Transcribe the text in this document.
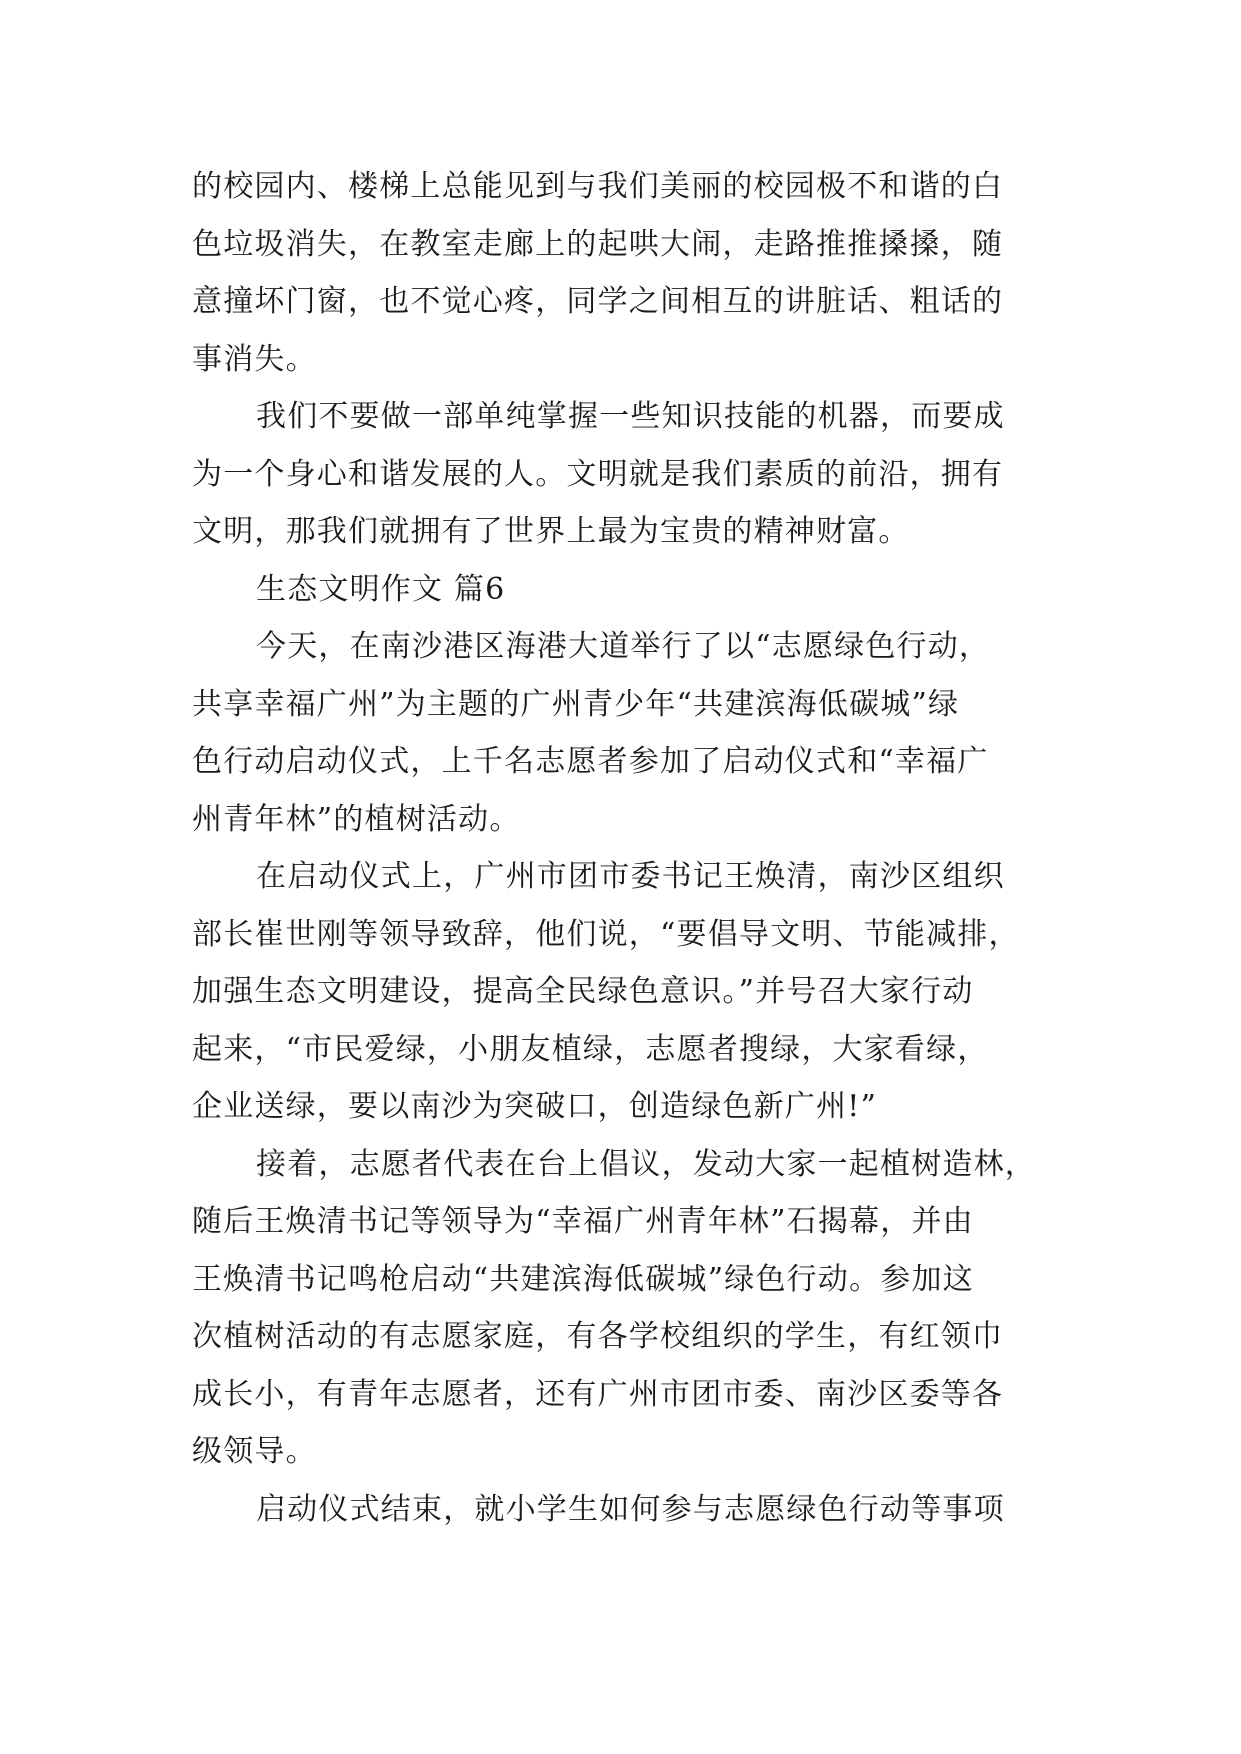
的校园内、楼梯上总能见到与我们美丽的校园极不和谐的白
色垃圾消失，在教室走廊上的起哄大闹，走路推推搡搡，随
意撞坏门窗，也不觉心疼，同学之间相互的讲脏话、粗话的
事消失。
我们不要做一部单纯掌握一些知识技能的机器，而要成
为一个身心和谐发展的人。文明就是我们素质的前沿，拥有
文明，那我们就拥有了世界上最为宝贵的精神财富。
生态文明作文 篇6
今天，在南沙港区海港大道举行了以“志愿绿色行动，
共享幸福广州”为主题的广州青少年“共建滨海低碳城”绿
色行动启动仪式，上千名志愿者参加了启动仪式和“幸福广
州青年林”的植树活动。
在启动仪式上，广州市团市委书记王焕清，南沙区组织
部长崔世刚等领导致辞，他们说，“要倡导文明、节能减排，
加强生态文明建设，提高全民绿色意识。”并号召大家行动
起来，“市民爱绿，小朋友植绿，志愿者搜绿，大家看绿，
企业送绿，要以南沙为突破口，创造绿色新广州!”
接着，志愿者代表在台上倡议，发动大家一起植树造林，
随后王焕清书记等领导为“幸福广州青年林”石揭幕，并由
王焕清书记鸣枪启动“共建滨海低碳城”绿色行动。参加这
次植树活动的有志愿家庭，有各学校组织的学生，有红领巾
成长小，有青年志愿者，还有广州市团市委、南沙区委等各
级领导。
启动仪式结束，就小学生如何参与志愿绿色行动等事项
